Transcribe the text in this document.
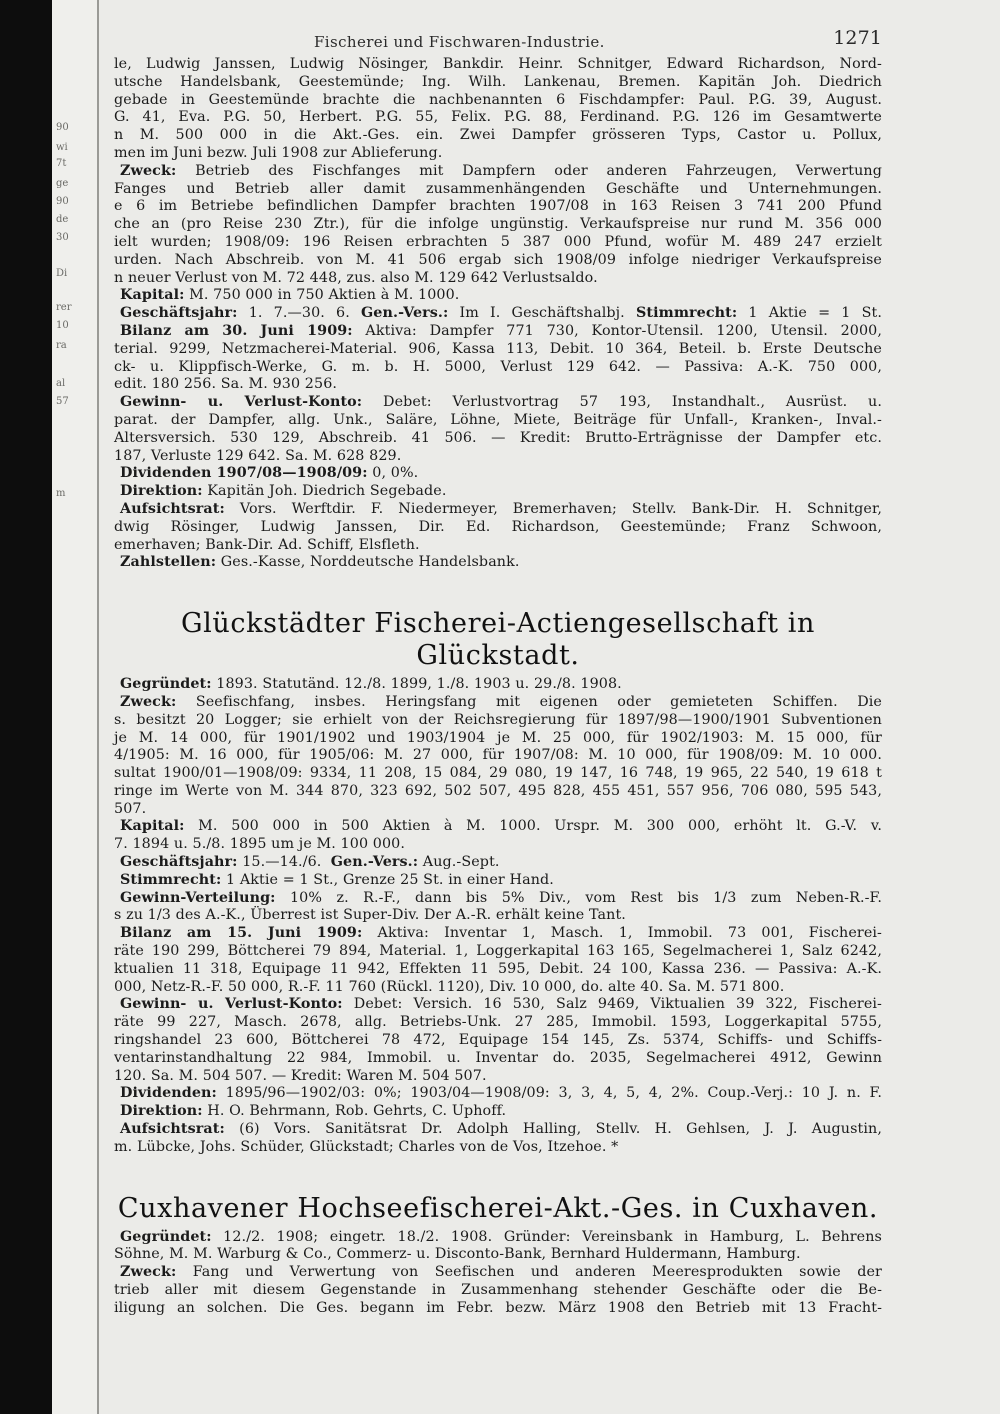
90
wi
7t
ge
90
de
30
Di
rer
10
ra
al
57
m
Fischerei und Fischwaren-Industrie.	1271

le, Ludwig Janssen, Ludwig Nösinger, Bankdir. Heinr. Schnitger, Edward Richardson, Nord-

utsche Handelsbank, Geestemünde; Ing. Wilh. Lankenau, Bremen. Kapitän Joh. Diedrich

gebade in Geestemünde brachte die nachbenannten 6 Fischdampfer: Paul. P.G. 39, August.

G. 41, Eva. P.G. 50, Herbert. P.G. 55, Felix. P.G. 88, Ferdinand. P.G. 126 im Gesamtwerte

n M. 500 000 in die Akt.-Ges. ein. Zwei Dampfer grösseren Typs, Castor u. Pollux,

men im Juni bezw. Juli 1908 zur Ablieferung.

Zweck: Betrieb des Fischfanges mit Dampfern oder anderen Fahrzeugen, Verwertung

Fanges und Betrieb aller damit zusammenhängenden Geschäfte und Unternehmungen.

e 6 im Betriebe befindlichen Dampfer brachten 1907/08 in 163 Reisen 3 741 200 Pfund

che an (pro Reise 230 Ztr.), für die infolge ungünstig. Verkaufspreise nur rund M. 356 000

ielt wurden; 1908/09: 196 Reisen erbrachten 5 387 000 Pfund, wofür M. 489 247 erzielt

urden. Nach Abschreib. von M. 41 506 ergab sich 1908/09 infolge niedriger Verkaufspreise

n neuer Verlust von M. 72 448, zus. also M. 129 642 Verlustsaldo.

Kapital: M. 750 000 in 750 Aktien à M. 1000.

Geschäftsjahr: 1. 7.—30. 6. Gen.-Vers.: Im I. Geschäftshalbj. Stimmrecht: 1 Aktie = 1 St.

Bilanz am 30. Juni 1909: Aktiva: Dampfer 771 730, Kontor-Utensil. 1200, Utensil. 2000,

terial. 9299, Netzmacherei-Material. 906, Kassa 113, Debit. 10 364, Beteil. b. Erste Deutsche

ck- u. Klippfisch-Werke, G. m. b. H. 5000, Verlust 129 642. — Passiva: A.-K. 750 000,

edit. 180 256. Sa. M. 930 256.

Gewinn- u. Verlust-Konto: Debet: Verlustvortrag 57 193, Instandhalt., Ausrüst. u.

parat. der Dampfer, allg. Unk., Saläre, Löhne, Miete, Beiträge für Unfall-, Kranken-, Inval.-

Altersversich. 530 129, Abschreib. 41 506. — Kredit: Brutto-Erträgnisse der Dampfer etc.

187, Verluste 129 642. Sa. M. 628 829.

Dividenden 1907/08—1908/09: 0, 0%.

Direktion: Kapitän Joh. Diedrich Segebade.

Aufsichtsrat: Vors. Werftdir. F. Niedermeyer, Bremerhaven; Stellv. Bank-Dir. H. Schnitger,

dwig Rösinger, Ludwig Janssen, Dir. Ed. Richardson, Geestemünde; Franz Schwoon,

emerhaven; Bank-Dir. Ad. Schiff, Elsfleth.

Zahlstellen: Ges.-Kasse, Norddeutsche Handelsbank.

Glückstädter Fischerei-Actiengesellschaft in Glückstadt.

Gegründet: 1893. Statutänd. 12./8. 1899, 1./8. 1903 u. 29./8. 1908.

Zweck: Seefischfang, insbes. Heringsfang mit eigenen oder gemieteten Schiffen. Die

s. besitzt 20 Logger; sie erhielt von der Reichsregierung für 1897/98—1900/1901 Subventionen

je M. 14 000, für 1901/1902 und 1903/1904 je M. 25 000, für 1902/1903: M. 15 000, für

4/1905: M. 16 000, für 1905/06: M. 27 000, für 1907/08: M. 10 000, für 1908/09: M. 10 000.

sultat 1900/01—1908/09: 9334, 11 208, 15 084, 29 080, 19 147, 16 748, 19 965, 22 540, 19 618 t

ringe im Werte von M. 344 870, 323 692, 502 507, 495 828, 455 451, 557 956, 706 080, 595 543,

507.

Kapital: M. 500 000 in 500 Aktien à M. 1000. Urspr. M. 300 000, erhöht lt. G.-V. v.

7. 1894 u. 5./8. 1895 um je M. 100 000.

Geschäftsjahr: 15.—14./6. Gen.-Vers.: Aug.-Sept.

Stimmrecht: 1 Aktie = 1 St., Grenze 25 St. in einer Hand.

Gewinn-Verteilung: 10% z. R.-F., dann bis 5% Div., vom Rest bis 1/3 zum Neben-R.-F.

s zu 1/3 des A.-K., Überrest ist Super-Div. Der A.-R. erhält keine Tant.

Bilanz am 15. Juni 1909: Aktiva: Inventar 1, Masch. 1, Immobil. 73 001, Fischerei-

räte 190 299, Böttcherei 79 894, Material. 1, Loggerkapital 163 165, Segelmacherei 1, Salz 6242,

ktualien 11 318, Equipage 11 942, Effekten 11 595, Debit. 24 100, Kassa 236. — Passiva: A.-K.

000, Netz-R.-F. 50 000, R.-F. 11 760 (Rückl. 1120), Div. 10 000, do. alte 40. Sa. M. 571 800.

Gewinn- u. Verlust-Konto: Debet: Versich. 16 530, Salz 9469, Viktualien 39 322, Fischerei-

räte 99 227, Masch. 2678, allg. Betriebs-Unk. 27 285, Immobil. 1593, Loggerkapital 5755,

ringshandel 23 600, Böttcherei 78 472, Equipage 154 145, Zs. 5374, Schiffs- und Schiffs-

ventarinstandhaltung 22 984, Immobil. u. Inventar do. 2035, Segelmacherei 4912, Gewinn

120. Sa. M. 504 507. — Kredit: Waren M. 504 507.

Dividenden: 1895/96—1902/03: 0%; 1903/04—1908/09: 3, 3, 4, 5, 4, 2%. Coup.-Verj.: 10 J. n. F.

Direktion: H. O. Behrmann, Rob. Gehrts, C. Uphoff.

Aufsichtsrat: (6) Vors. Sanitätsrat Dr. Adolph Halling, Stellv. H. Gehlsen, J. J. Augustin,

m. Lübcke, Johs. Schüder, Glückstadt; Charles von de Vos, Itzehoe. *

Cuxhavener Hochseefischerei-Akt.-Ges. in Cuxhaven.

Gegründet: 12./2. 1908; eingetr. 18./2. 1908. Gründer: Vereinsbank in Hamburg, L. Behrens

Söhne, M. M. Warburg & Co., Commerz- u. Disconto-Bank, Bernhard Huldermann, Hamburg.

Zweck: Fang und Verwertung von Seefischen und anderen Meeresprodukten sowie der

trieb aller mit diesem Gegenstande in Zusammenhang stehender Geschäfte oder die Be-

iligung an solchen. Die Ges. begann im Febr. bezw. März 1908 den Betrieb mit 13 Fracht-
